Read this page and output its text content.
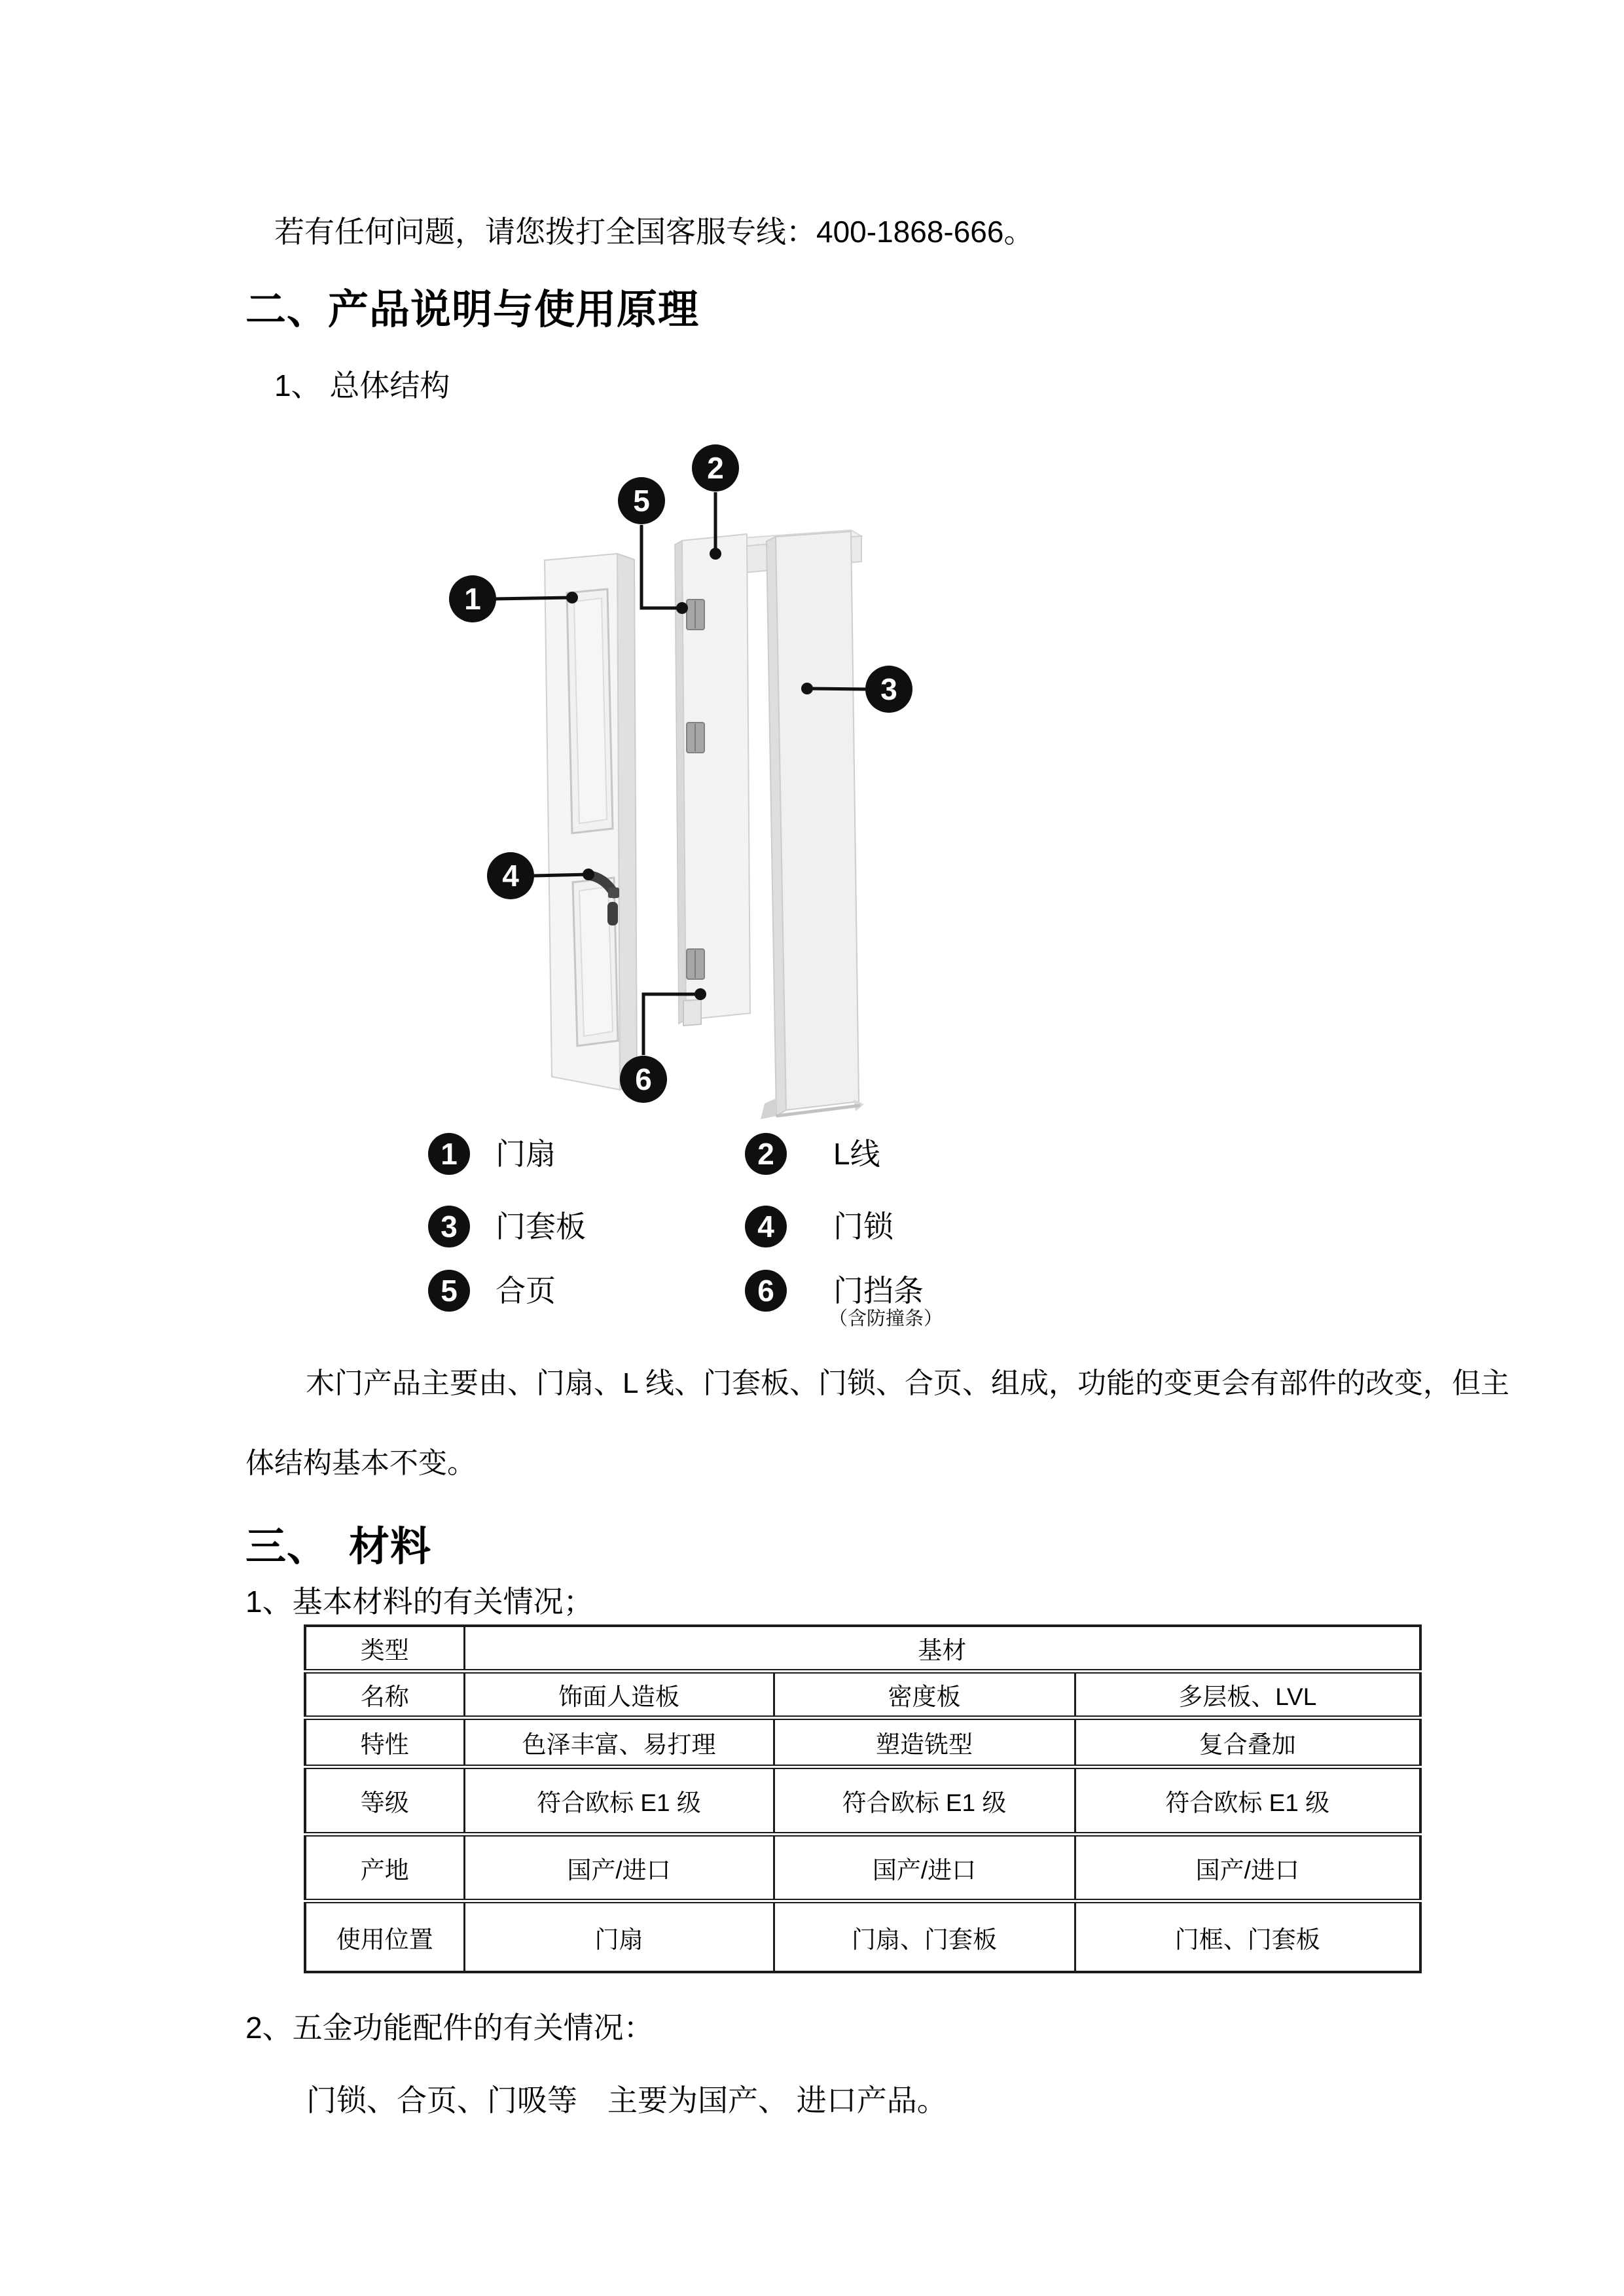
若有任何问题，请您拨打全国客服专线：400-1868-666。
二、产品说明与使用原理
1、 总体结构
1
2
3
4
5
6
1	门扇	2	L线
3	门套板	4	门锁
5	合页	6	门挡条
（含防撞条）
木门产品主要由、门扇、L 线、门套板、门锁、合页、组成，功能的变更会有部件的改变，但主
体结构基本不变。
三、　材料
1、基本材料的有关情况；
类型	基材		
名称	饰面人造板	密度板	多层板、LVL
特性	色泽丰富、易打理	塑造铣型	复合叠加
等级	符合欧标 E1 级	符合欧标 E1 级	符合欧标 E1 级
产地	国产/进口	国产/进口	国产/进口
使用位置	门扇	门扇、门套板	门框、门套板
2、五金功能配件的有关情况：
门锁、合页、门吸等　主要为国产、 进口产品。
